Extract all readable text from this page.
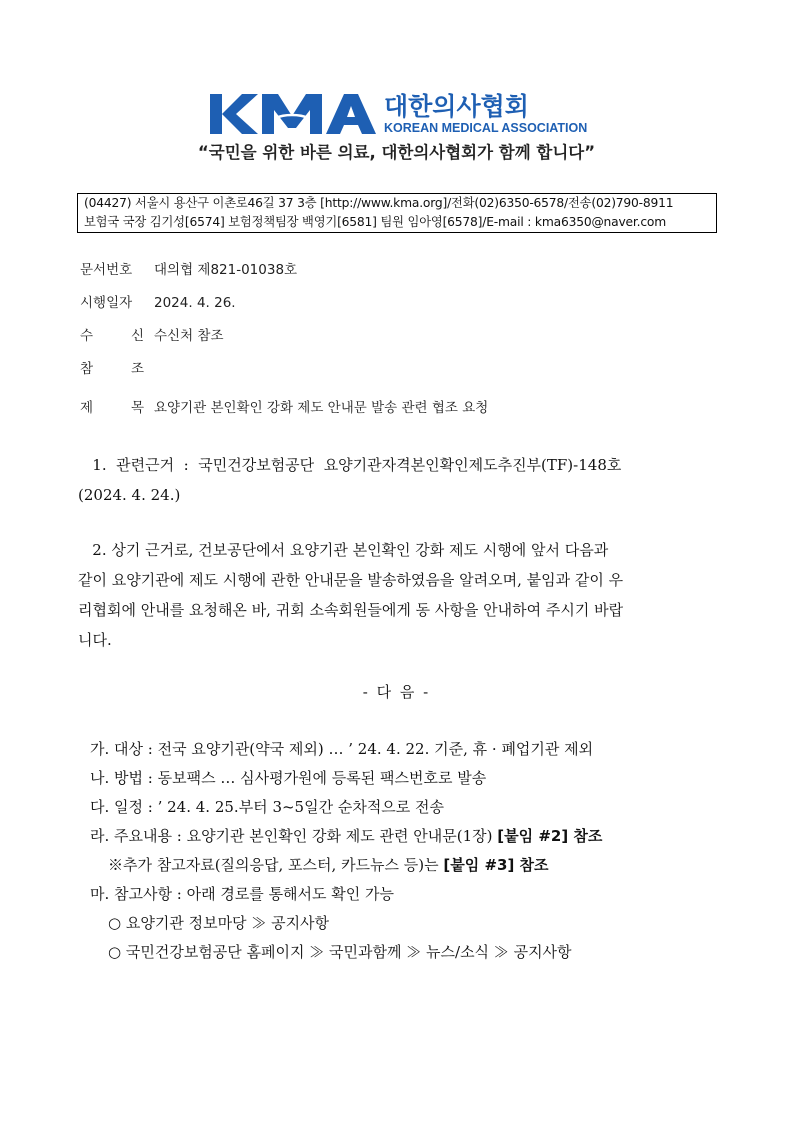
대한의사협회
KOREAN MEDICAL ASSOCIATION
“국민을 위한 바른 의료, 대한의사협회가 함께 합니다”
(04427) 서울시 용산구 이촌로46길 37 3층 [http://www.kma.org]/전화(02)6350-6578/전송(02)790-8911
보험국 국장 김기성[6574] 보험정책팀장 백영기[6581] 팀원 임아영[6578]/E-mail : kma6350@naver.com
문서번호 대의협 제821-01038호
시행일자 2024. 4. 26.
수	신 수신처 참조
참	조
제	목 요양기관 본인확인 강화 제도 안내문 발송 관련 협조 요청

1.  관련근거  :  국민건강보험공단  요양기관자격본인확인제도추진부(TF)-148호

(2024. 4. 24.)

2. 상기 근거로, 건보공단에서 요양기관 본인확인 강화 제도 시행에 앞서 다음과

같이 요양기관에 제도 시행에 관한 안내문을 발송하였음을 알려오며, 붙임과 같이 우

리협회에 안내를 요청해온 바, 귀회 소속회원들에게 동 사항을 안내하여 주시기 바랍

니다.

- 다 음 -
가. 대상 : 전국 요양기관(약국 제외) … ’ 24. 4. 22. 기준, 휴 · 폐업기관 제외
나. 방법 : 동보팩스 … 심사평가원에 등록된 팩스번호로 발송
다. 일정 : ’ 24. 4. 25.부터 3~5일간 순차적으로 전송
라. 주요내용 : 요양기관 본인확인 강화 제도 관련 안내문(1장) [붙임 #2] 참조
※추가 참고자료(질의응답, 포스터, 카드뉴스 등)는 [붙임 #3] 참조
마. 참고사항 : 아래 경로를 통해서도 확인 가능
○ 요양기관 정보마당 ≫ 공지사항
○ 국민건강보험공단 홈페이지 ≫ 국민과함께 ≫ 뉴스/소식 ≫ 공지사항
